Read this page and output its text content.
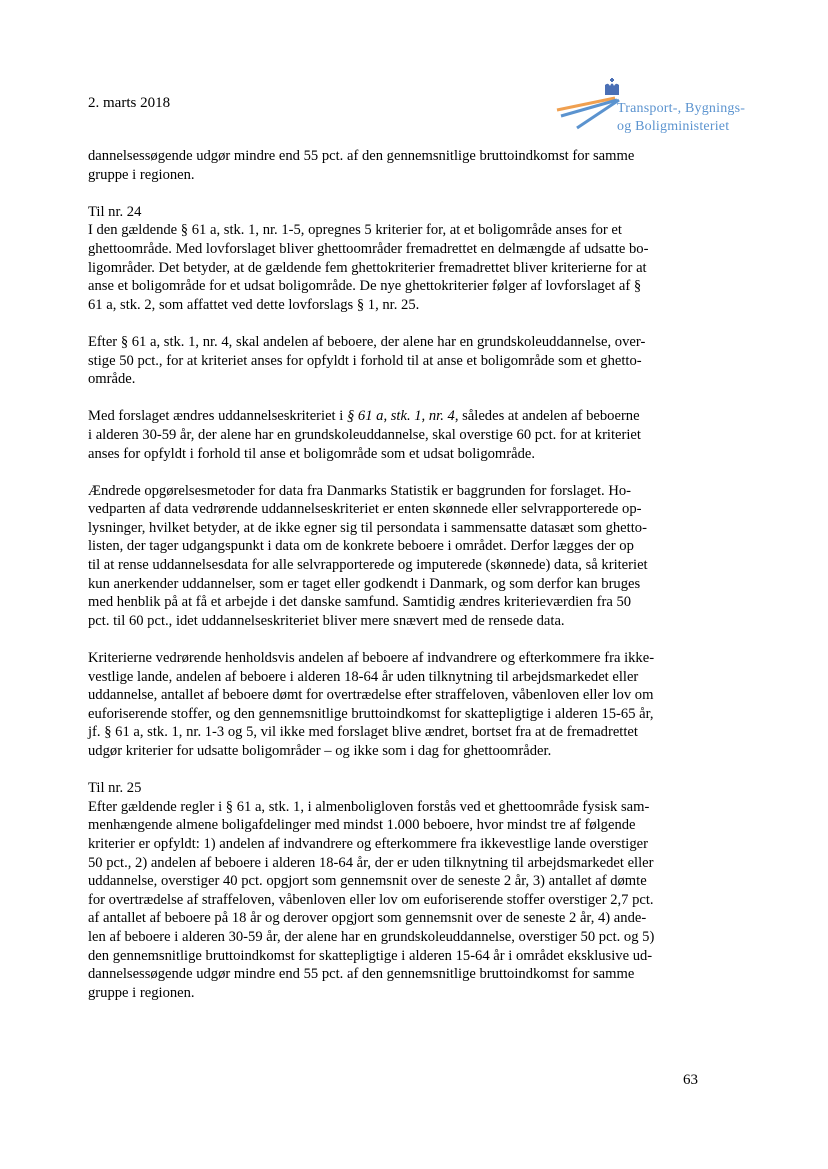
2. marts 2018	Transport-, Bygnings-
og Boligministeriet
dannelsessøgende udgør mindre end 55 pct. af den gennemsnitlige bruttoindkomst for samme
gruppe i regionen.
Til nr. 24
I den gældende § 61 a, stk. 1, nr. 1-5, opregnes 5 kriterier for, at et boligområde anses for et
ghettoområde. Med lovforslaget bliver ghettoområder fremadrettet en delmængde af udsatte bo-
ligområder. Det betyder, at de gældende fem ghettokriterier fremadrettet bliver kriterierne for at
anse et boligområde for et udsat boligområde. De nye ghettokriterier følger af lovforslaget af §
61 a, stk. 2, som affattet ved dette lovforslags § 1, nr. 25.
Efter § 61 a, stk. 1, nr. 4, skal andelen af beboere, der alene har en grundskoleuddannelse, over-
stige 50 pct., for at kriteriet anses for opfyldt i forhold til at anse et boligområde som et ghetto-
område.
Med forslaget ændres uddannelseskriteriet i § 61 a, stk. 1, nr. 4, således at andelen af beboerne
i alderen 30-59 år, der alene har en grundskoleuddannelse, skal overstige 60 pct. for at kriteriet
anses for opfyldt i forhold til anse et boligområde som et udsat boligområde.
Ændrede opgørelsesmetoder for data fra Danmarks Statistik er baggrunden for forslaget. Ho-
vedparten af data vedrørende uddannelseskriteriet er enten skønnede eller selvrapporterede op-
lysninger, hvilket betyder, at de ikke egner sig til persondata i sammensatte datasæt som ghetto-
listen, der tager udgangspunkt i data om de konkrete beboere i området. Derfor lægges der op
til at rense uddannelsesdata for alle selvrapporterede og imputerede (skønnede) data, så kriteriet
kun anerkender uddannelser, som er taget eller godkendt i Danmark, og som derfor kan bruges
med henblik på at få et arbejde i det danske samfund. Samtidig ændres kriterieværdien fra 50
pct. til 60 pct., idet uddannelseskriteriet bliver mere snævert med de rensede data.
Kriterierne vedrørende henholdsvis andelen af beboere af indvandrere og efterkommere fra ikke-
vestlige lande, andelen af beboere i alderen 18-64 år uden tilknytning til arbejdsmarkedet eller
uddannelse, antallet af beboere dømt for overtrædelse efter straffeloven, våbenloven eller lov om
euforiserende stoffer, og den gennemsnitlige bruttoindkomst for skattepligtige i alderen 15-65 år,
jf. § 61 a, stk. 1, nr. 1-3 og 5, vil ikke med forslaget blive ændret, bortset fra at de fremadrettet
udgør kriterier for udsatte boligområder – og ikke som i dag for ghettoområder.
Til nr. 25
Efter gældende regler i § 61 a, stk. 1, i almenboligloven forstås ved et ghettoområde fysisk sam-
menhængende almene boligafdelinger med mindst 1.000 beboere, hvor mindst tre af følgende
kriterier er opfyldt: 1) andelen af indvandrere og efterkommere fra ikkevestlige lande overstiger
50 pct., 2) andelen af beboere i alderen 18-64 år, der er uden tilknytning til arbejdsmarkedet eller
uddannelse, overstiger 40 pct. opgjort som gennemsnit over de seneste 2 år, 3) antallet af dømte
for overtrædelse af straffeloven, våbenloven eller lov om euforiserende stoffer overstiger 2,7 pct.
af antallet af beboere på 18 år og derover opgjort som gennemsnit over de seneste 2 år, 4) ande-
len af beboere i alderen 30-59 år, der alene har en grundskoleuddannelse, overstiger 50 pct. og 5)
den gennemsnitlige bruttoindkomst for skattepligtige i alderen 15-64 år i området eksklusive ud-
dannelsessøgende udgør mindre end 55 pct. af den gennemsnitlige bruttoindkomst for samme
gruppe i regionen.
63
